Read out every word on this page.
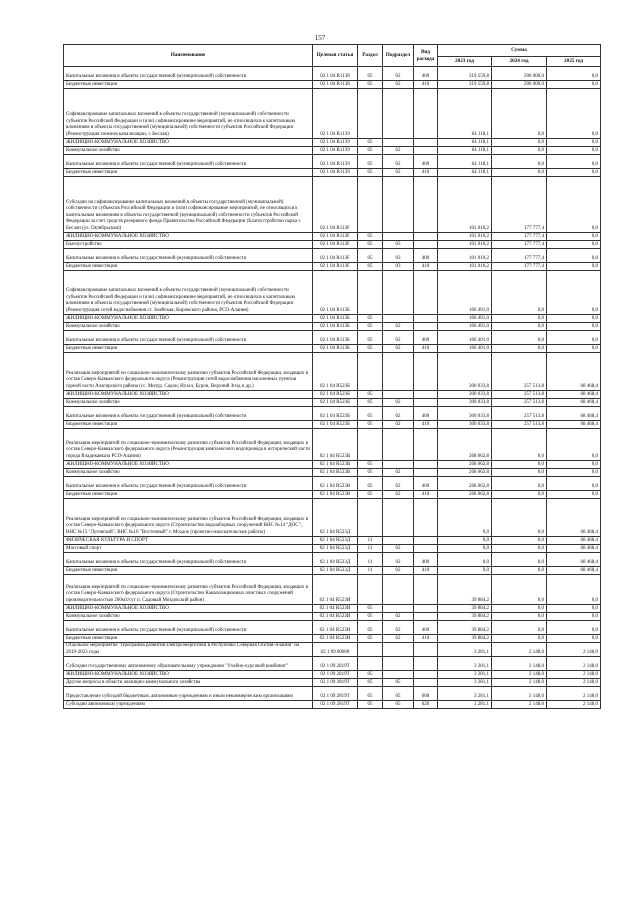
157
Наименование	Целевая статья	Раздел	Подраздел	Вид расхода	Сумма		
					2023 год	2024 год	2025 год
Капитальные вложения в объекты государственной (муниципальной) собственности	02 1 04 R1138	05	02	400	319 559,8	200 000,0	0,0
Бюджетные инвестиции	02 1 04 R1138	05	02	410	319 559,8	200 000,0	0,0
Софинансирование капитальных вложений в объекты государственной (муниципальной) собственности субъектов Российской Федерации и (или) софинансирование мероприятий, не относящихся к капитальным вложениям в объекты государственной (муниципальной) собственности субъектов Российской Федерации (Реконструкция тоннеля канализации, г. Беслан)	02 1 04 R1139				64 118,1	0,0	0,0
ЖИЛИЩНО-КОММУНАЛЬНОЕ ХОЗЯЙСТВО	02 1 04 R1139	05			64 118,1	0,0	0,0
Коммунальное хозяйство	02 1 04 R1139	05	02		64 118,1	0,0	0,0
Капитальные вложения в объекты государственной (муниципальной) собственности	02 1 04 R1139	05	02	400	64 118,1	0,0	0,0
Бюджетные инвестиции	02 1 04 R1139	05	02	410	64 118,1	0,0	0,0
Субсидии на софинансирование капитальных вложений в объекты государственной (муниципальной) собственности субъектов Российской Федерации и (или) софинансирование мероприятий, не относящихся к капитальным вложениям в объекты государственной (муниципальной) собственности субъектов Российской Федерации за счет средств резервного фонда Правительства Российской Федерации (Благоустройство парка г. Беслан (ул. Октябрьская))	02 1 04 R113F				101 010,2	177 777,4	0,0
ЖИЛИЩНО-КОММУНАЛЬНОЕ ХОЗЯЙСТВО	02 1 04 R113F	05			101 010,2	177 777,4	0,0
Благоустройство	02 1 04 R113F	05	03		101 010,2	177 777,4	0,0
Капитальные вложения в объекты государственной (муниципальной) собственности	02 1 04 R113F	05	03	400	101 010,2	177 777,4	0,0
Бюджетные инвестиции	02 1 04 R113F	05	03	410	101 010,2	177 777,4	0,0
Софинансирование капитальных вложений в объекты государственной (муниципальной) собственности субъектов Российской Федерации и (или) софинансирование мероприятий, не относящихся к капитальным вложениям в объекты государственной (муниципальной) собственности субъектов Российской Федерации (Реконструкция сетей водоснабжения ст. Змейская, Кировского района, РСО-Алания)	02 1 04 R113Б				166 401,0	0,0	0,0
ЖИЛИЩНО-КОММУНАЛЬНОЕ ХОЗЯЙСТВО	02 1 04 R113Б	05			166 401,0	0,0	0,0
Коммунальное хозяйство	02 1 04 R113Б	05	02		166 401,0	0,0	0,0
Капитальные вложения в объекты государственной (муниципальной) собственности	02 1 04 R113Б	05	02	400	166 401,0	0,0	0,0
Бюджетные инвестиции	02 1 04 R113Б	05	02	410	166 401,0	0,0	0,0
Реализация мероприятий по социально-экономическому развитию субъектов Российской Федерации, входящих в состав Северо-Кавказского федерального округа (Реконструкция сетей водоснабжения населенных пунктов горной части Алагирского района (сс. Мизур, Садон, Нузал, Бурон, Верхний Згид и др.)	02 1 04 R523Б				300 033,8	257 513,8	68 468,4
ЖИЛИЩНО-КОММУНАЛЬНОЕ ХОЗЯЙСТВО	02 1 04 R523Б	05			300 033,8	257 513,8	68 468,4
Коммунальное хозяйство	02 1 04 R523Б	05	02		300 033,8	257 513,8	68 468,4
Капитальные вложения в объекты государственной (муниципальной) собственности	02 1 04 R523Б	05	02	400	300 033,8	257 513,8	68 468,4
Бюджетные инвестиции	02 1 04 R523Б	05	02	410	300 033,8	257 513,8	68 468,4
Реализация мероприятий по социально-экономическому развитию субъектов Российской Федерации, входящих в состав Северо-Кавказского федерального округа (Реконструкция комплексного водопровода в исторической части города Владикавказа РСО-Алания)	02 1 04 R523В				268 062,8	0,0	0,0
ЖИЛИЩНО-КОММУНАЛЬНОЕ ХОЗЯЙСТВО	02 1 04 R523В	05			268 062,8	0,0	0,0
Коммунальное хозяйство	02 1 04 R523В	05	02		268 062,8	0,0	0,0
Капитальные вложения в объекты государственной (муниципальной) собственности	02 1 04 R523В	05	02	400	268 062,8	0,0	0,0
Бюджетные инвестиции	02 1 04 R523В	05	02	410	268 062,8	0,0	0,0
Реализация мероприятий по социально-экономическому развитию субъектов Российской Федерации, входящих в состав Северо-Кавказского федерального округа (Строительство водозаборных сооружений ВНС №14 "ДОС", ВНС №15 "Луговской", ВНС №16 "Восточный" г. Моздок (проектно-изыскательские работы)	02 1 04 R523Д				0,0	0,0	68 468,4
ФИЗИЧЕСКАЯ КУЛЬТУРА И СПОРТ	02 1 04 R523Д	11			0,0	0,0	68 468,4
Массовый спорт	02 1 04 R523Д	11	02		0,0	0,0	68 468,4
Капитальные вложения в объекты государственной (муниципальной) собственности	02 1 04 R523Д	11	02	400	0,0	0,0	68 468,4
Бюджетные инвестиции	02 1 04 R523Д	11	02	410	0,0	0,0	68 468,4
Реализация мероприятий по социально-экономическому развитию субъектов Российской Федерации, входящих в состав Северо-Кавказского федерального округа (Строительство Канализационных очистных сооружений производительностью 200м3/сут п. Садовый Моздокский район)	02 1 04 R523И				39 884,2	0,0	0,0
ЖИЛИЩНО-КОММУНАЛЬНОЕ ХОЗЯЙСТВО	02 1 04 R523И	05			39 884,2	0,0	0,0
Коммунальное хозяйство	02 1 04 R523И	05	02		39 884,2	0,0	0,0
Капитальные вложения в объекты государственной (муниципальной) собственности	02 1 04 R523И	05	02	400	39 884,2	0,0	0,0
Бюджетные инвестиции	02 1 04 R523И	05	02	410	39 884,2	0,0	0,0
Отдельное мероприятие "Программа развития электроэнергетики в Республике Северная Осетия-Алания" на 2019-2023 годы	02 1 09 00000				3 281,1	2 148,0	2 148,0
Субсидии государственному автономному образовательному учреждению "Учебно-курсовой комбинат"	02 1 09 2819Т				3 281,1	2 148,0	2 148,0
ЖИЛИЩНО-КОММУНАЛЬНОЕ ХОЗЯЙСТВО	02 1 09 2819Т	05			3 281,1	2 148,0	2 148,0
Другие вопросы в области жилищно-коммунального хозяйства	02 1 09 2819Т	05	05		3 281,1	2 148,0	2 148,0
Предоставление субсидий бюджетным, автономным учреждениям и иным некоммерческим организациям	02 1 09 2819Т	05	05	600	3 281,1	2 148,0	2 148,0
Субсидии автономным учреждениям	02 1 09 2819Т	05	05	620	3 281,1	2 148,0	2 148,0
